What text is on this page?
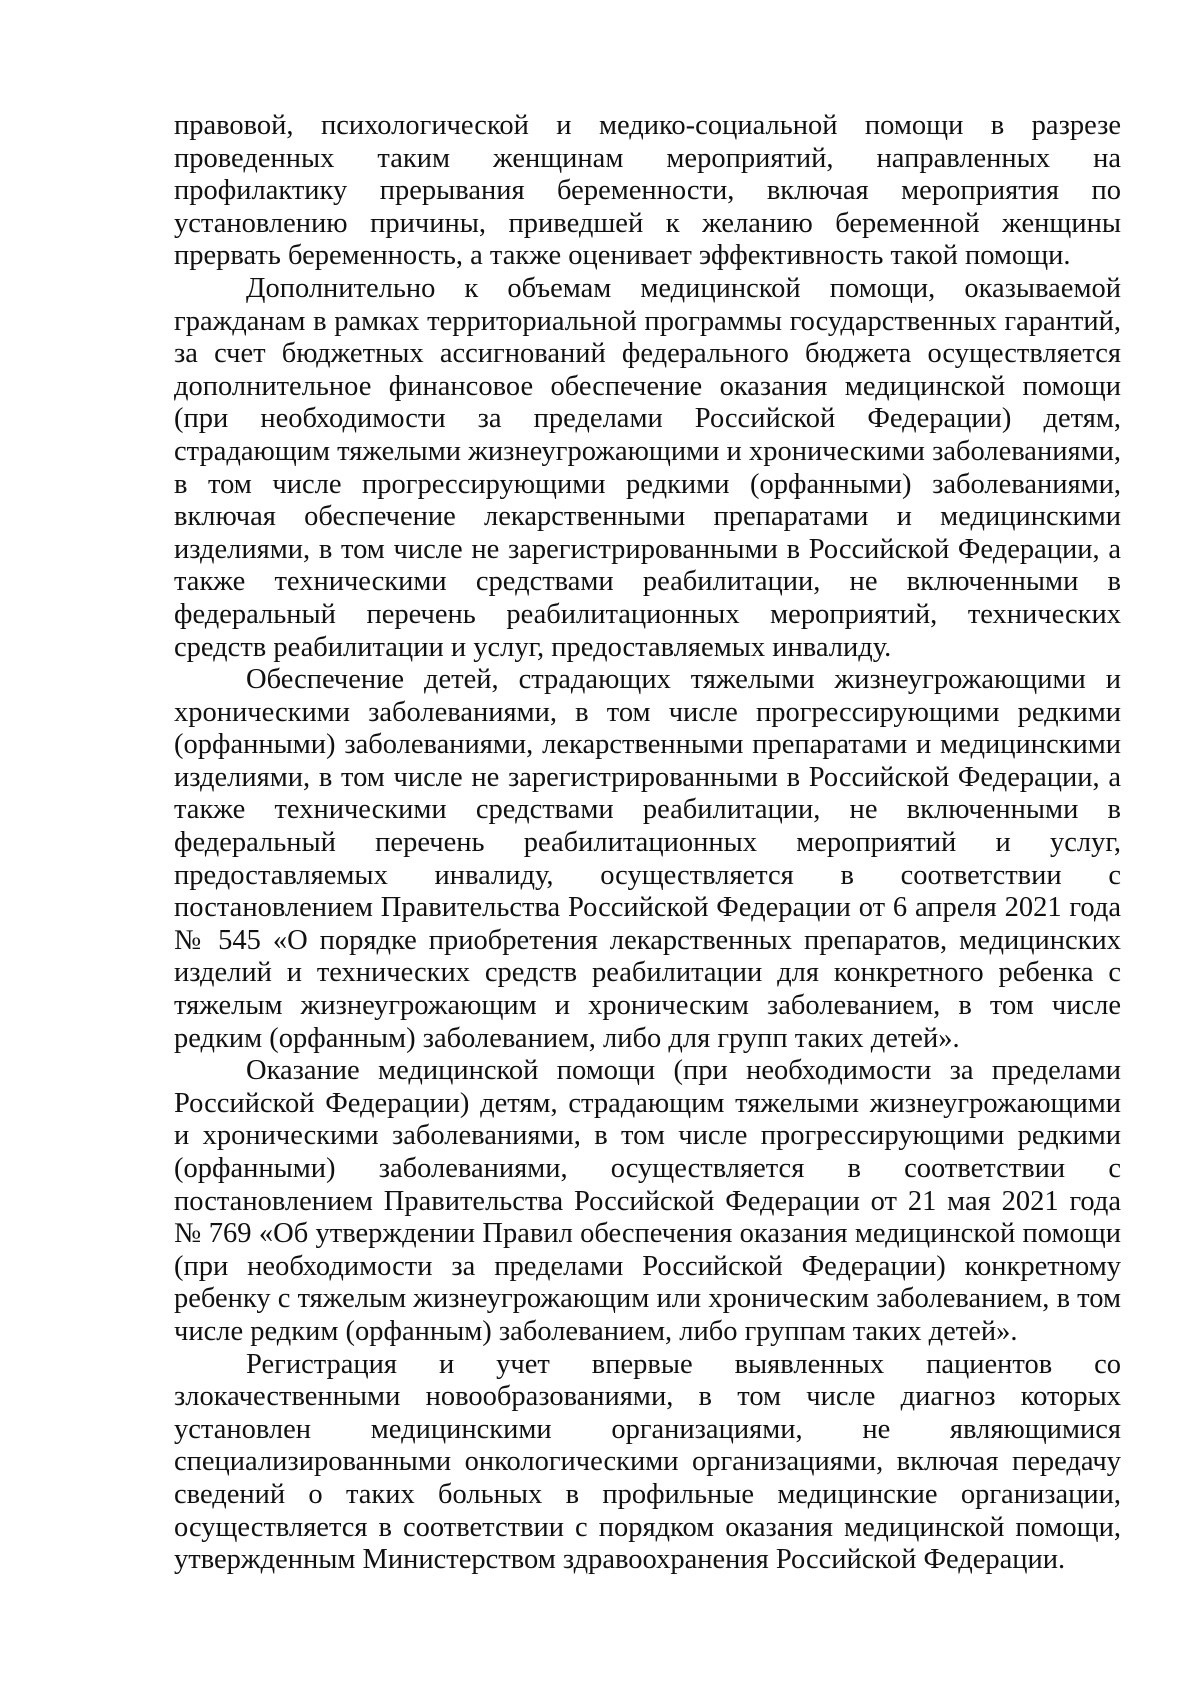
правовой, психологической и медико-социальной помощи в разрезе проведенных таким женщинам мероприятий, направленных на профилактику прерывания беременности, включая мероприятия по установлению причины, приведшей к желанию беременной женщины прервать беременность, а также оценивает эффективность такой помощи.

Дополнительно к объемам медицинской помощи, оказываемой гражданам в рамках территориальной программы государственных гарантий, за счет бюджетных ассигнований федерального бюджета осуществляется дополнительное финансовое обеспечение оказания медицинской помощи (при необходимости за пределами Российской Федерации) детям, страдающим тяжелыми жизнеугрожающими и хроническими заболеваниями, в том числе прогрессирующими редкими (орфанными) заболеваниями, включая обеспечение лекарственными препаратами и медицинскими изделиями, в том числе не зарегистрированными в Российской Федерации, а также техническими средствами реабилитации, не включенными в федеральный перечень реабилитационных мероприятий, технических средств реабилитации и услуг, предоставляемых инвалиду.

Обеспечение детей, страдающих тяжелыми жизнеугрожающими и хроническими заболеваниями, в том числе прогрессирующими редкими (орфанными) заболеваниями, лекарственными препаратами и медицинскими изделиями, в том числе не зарегистрированными в Российской Федерации, а также техническими средствами реабилитации, не включенными в федеральный перечень реабилитационных мероприятий и услуг, предоставляемых инвалиду, осуществляется в соответствии с постановлением Правительства Российской Федерации от 6 апреля 2021 года № 545 «О порядке приобретения лекарственных препаратов, медицинских изделий и технических средств реабилитации для конкретного ребенка с тяжелым жизнеугрожающим и хроническим заболеванием, в том числе редким (орфанным) заболеванием, либо для групп таких детей».

Оказание медицинской помощи (при необходимости за пределами Российской Федерации) детям, страдающим тяжелыми жизнеугрожающими и хроническими заболеваниями, в том числе прогрессирующими редкими (орфанными) заболеваниями, осуществляется в соответствии с постановлением Правительства Российской Федерации от 21 мая 2021 года № 769 «Об утверждении Правил обеспечения оказания медицинской помощи (при необходимости за пределами Российской Федерации) конкретному ребенку с тяжелым жизнеугрожающим или хроническим заболеванием, в том числе редким (орфанным) заболеванием, либо группам таких детей».

Регистрация и учет впервые выявленных пациентов со злокачественными новообразованиями, в том числе диагноз которых установлен медицинскими организациями, не являющимися специализированными онкологическими организациями, включая передачу сведений о таких больных в профильные медицинские организации, осуществляется в соответствии с порядком оказания медицинской помощи, утвержденным Министерством здравоохранения Российской Федерации.
